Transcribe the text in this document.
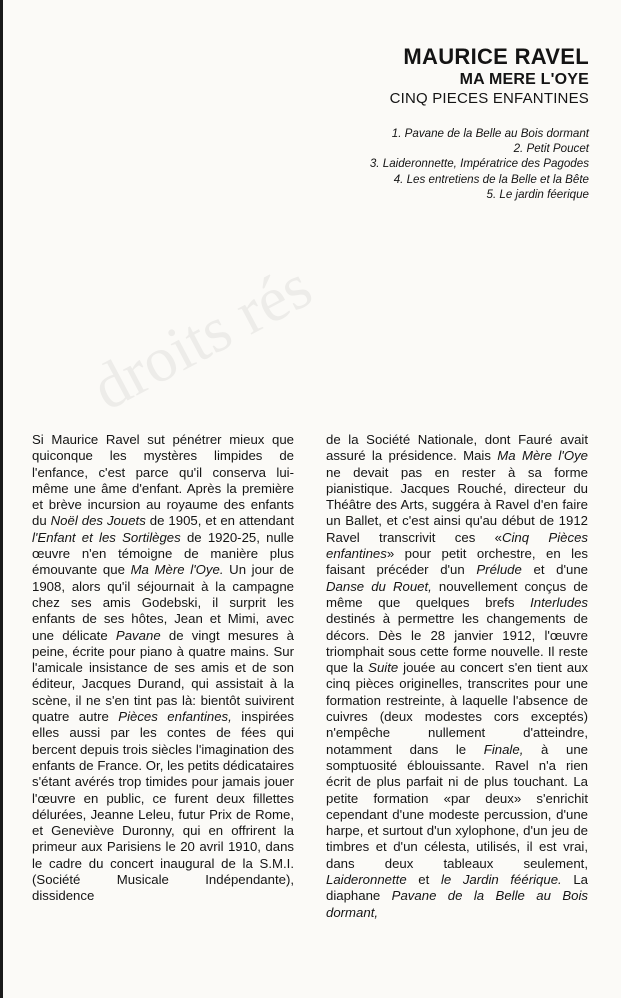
droits rés

MAURICE RAVEL

MA MERE L'OYE

CINQ PIECES ENFANTINES

1. Pavane de la Belle au Bois dormant
2. Petit Poucet
3. Laideronnette, Impératrice des Pagodes
4. Les entretiens de la Belle et la Bête
5. Le jardin féerique

Si Maurice Ravel sut pénétrer mieux que quiconque les mystères limpides de l'enfance, c'est parce qu'il conserva lui-même une âme d'enfant. Après la première et brève incursion au royaume des enfants du Noël des Jouets de 1905, et en attendant l'Enfant et les Sortilèges de 1920-25, nulle œuvre n'en témoigne de manière plus émouvante que Ma Mère l'Oye. Un jour de 1908, alors qu'il séjournait à la campagne chez ses amis Godebski, il surprit les enfants de ses hôtes, Jean et Mimi, avec une délicate Pavane de vingt mesures à peine, écrite pour piano à quatre mains. Sur l'amicale insistance de ses amis et de son éditeur, Jacques Durand, qui assistait à la scène, il ne s'en tint pas là: bientôt suivirent quatre autre Pièces enfantines, inspirées elles aussi par les contes de fées qui bercent depuis trois siècles l'imagination des enfants de France. Or, les petits dédicataires s'étant avérés trop timides pour jamais jouer l'œuvre en public, ce furent deux fillettes délurées, Jeanne Leleu, futur Prix de Rome, et Geneviève Duronny, qui en offrirent la primeur aux Parisiens le 20 avril 1910, dans le cadre du concert inaugural de la S.M.I. (Société Musicale Indépendante), dissidence

de la Société Nationale, dont Fauré avait assuré la présidence. Mais Ma Mère l'Oye ne devait pas en rester à sa forme pianistique. Jacques Rouché, directeur du Théâtre des Arts, suggéra à Ravel d'en faire un Ballet, et c'est ainsi qu'au début de 1912 Ravel transcrivit ces «Cinq Pièces enfantines» pour petit orchestre, en les faisant précéder d'un Prélude et d'une Danse du Rouet, nouvellement conçus de même que quelques brefs Interludes destinés à permettre les changements de décors. Dès le 28 janvier 1912, l'œuvre triomphait sous cette forme nouvelle. Il reste que la Suite jouée au concert s'en tient aux cinq pièces originelles, transcrites pour une formation restreinte, à laquelle l'absence de cuivres (deux modestes cors exceptés) n'empêche nullement d'atteindre, notamment dans le Finale, à une somptuosité éblouissante. Ravel n'a rien écrit de plus parfait ni de plus touchant. La petite formation «par deux» s'enrichit cependant d'une modeste percussion, d'une harpe, et surtout d'un xylophone, d'un jeu de timbres et d'un célesta, utilisés, il est vrai, dans deux tableaux seulement, Laideronnette et le Jardin féérique. La diaphane Pavane de la Belle au Bois dormant,
